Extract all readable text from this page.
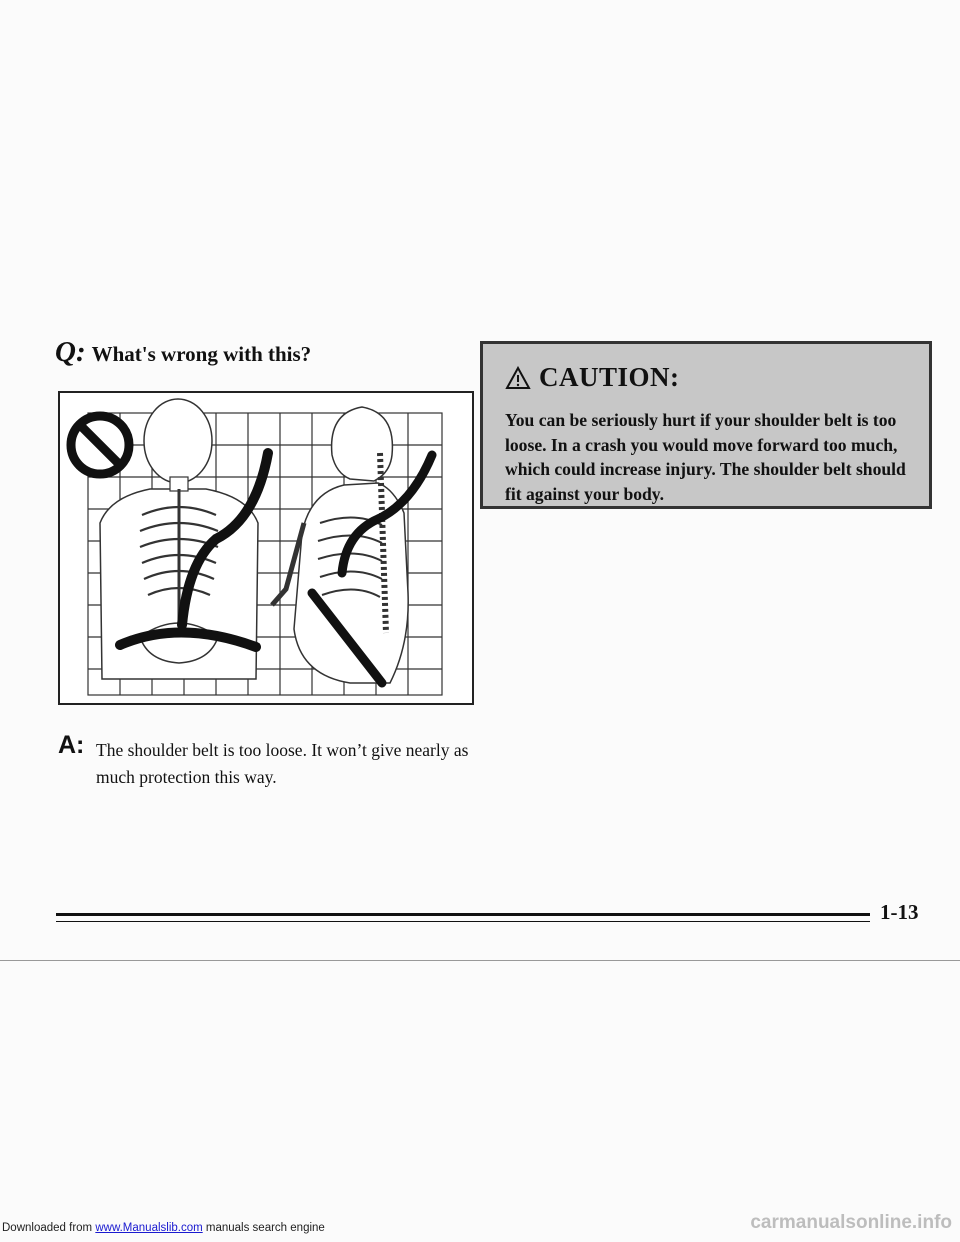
Q: What's wrong with this?
A: The shoulder belt is too loose. It won’t give nearly as much protection this way.
CAUTION:
You can be seriously hurt if your shoulder belt is too loose. In a crash you would move forward too much, which could increase injury. The shoulder belt should fit against your body.
1-13
Downloaded from www.Manualslib.com manuals search engine	carmanualsonline.info
